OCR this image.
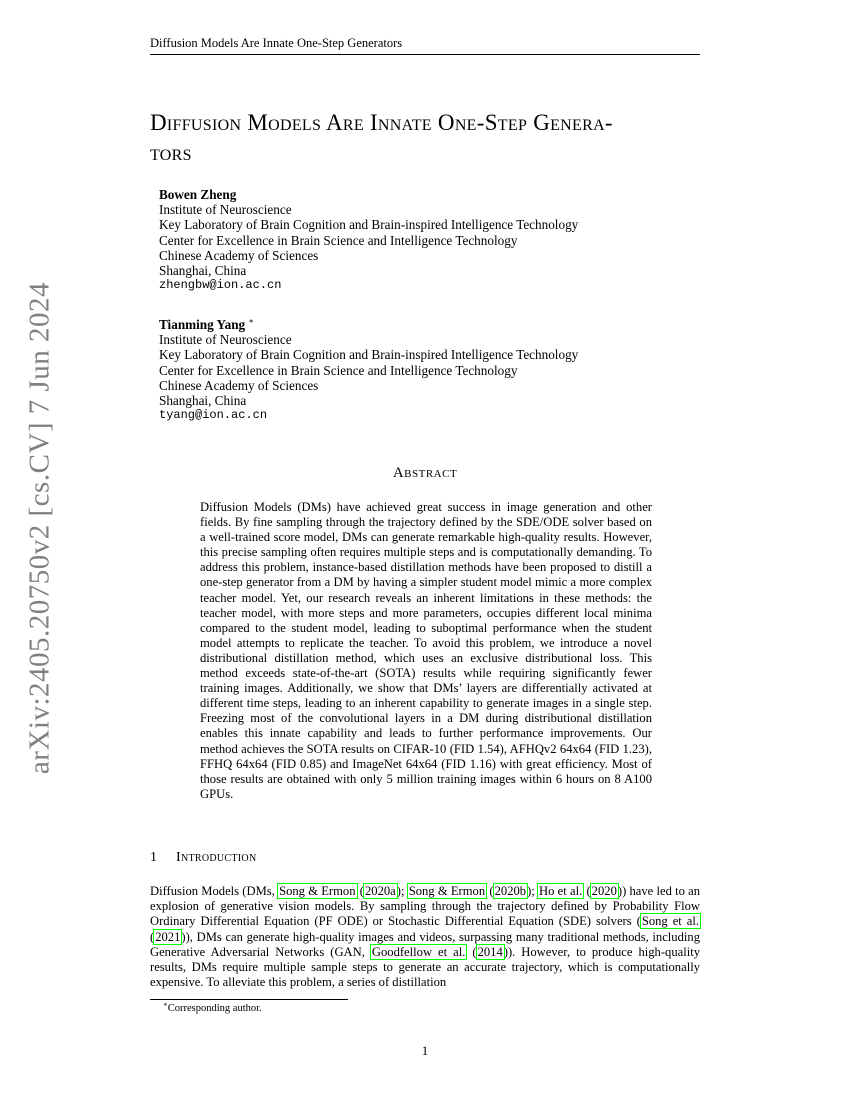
Diffusion Models Are Innate One-Step Generators
arXiv:2405.20750v2 [cs.CV] 7 Jun 2024
Diffusion Models Are Innate One-Step Genera-
tors
Bowen Zheng
Institute of Neuroscience
Key Laboratory of Brain Cognition and Brain-inspired Intelligence Technology
Center for Excellence in Brain Science and Intelligence Technology
Chinese Academy of Sciences
Shanghai, China
zhengbw@ion.ac.cn
Tianming Yang ∗
Institute of Neuroscience
Key Laboratory of Brain Cognition and Brain-inspired Intelligence Technology
Center for Excellence in Brain Science and Intelligence Technology
Chinese Academy of Sciences
Shanghai, China
tyang@ion.ac.cn
Abstract
Diffusion Models (DMs) have achieved great success in image generation and other fields. By fine sampling through the trajectory defined by the SDE/ODE solver based on a well-trained score model, DMs can generate remarkable high-quality results. However, this precise sampling often requires multiple steps and is computationally demanding. To address this problem, instance-based distillation methods have been proposed to distill a one-step generator from a DM by having a simpler student model mimic a more complex teacher model. Yet, our research reveals an inherent limitations in these methods: the teacher model, with more steps and more parameters, occupies different local minima compared to the student model, leading to suboptimal performance when the student model attempts to replicate the teacher. To avoid this problem, we introduce a novel distributional distillation method, which uses an exclusive distributional loss. This method exceeds state-of-the-art (SOTA) results while requiring significantly fewer training images. Additionally, we show that DMs’ layers are differentially activated at different time steps, leading to an inherent capability to generate images in a single step. Freezing most of the convolutional layers in a DM during distributional distillation enables this innate capability and leads to further performance improvements. Our method achieves the SOTA results on CIFAR-10 (FID 1.54), AFHQv2 64x64 (FID 1.23), FFHQ 64x64 (FID 0.85) and ImageNet 64x64 (FID 1.16) with great efficiency. Most of those results are obtained with only 5 million training images within 6 hours on 8 A100 GPUs.
1 Introduction
Diffusion Models (DMs, Song & Ermon (2020a); Song & Ermon (2020b); Ho et al. (2020)) have led to an explosion of generative vision models. By sampling through the trajectory defined by Probability Flow Ordinary Differential Equation (PF ODE) or Stochastic Differential Equation (SDE) solvers (Song et al. (2021)), DMs can generate high-quality images and videos, surpassing many traditional methods, including Generative Adversarial Networks (GAN, Goodfellow et al. (2014)). However, to produce high-quality results, DMs require multiple sample steps to generate an accurate trajectory, which is computationally expensive. To alleviate this problem, a series of distillation
∗Corresponding author.
1
